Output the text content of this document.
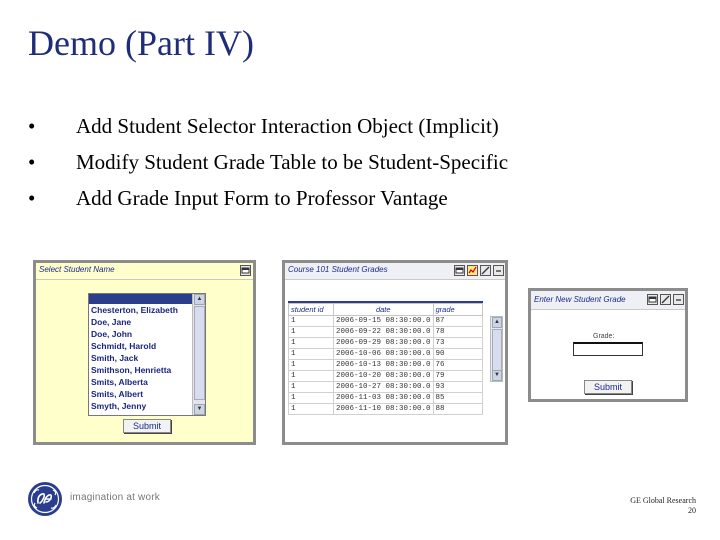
Demo (Part IV)
•	Add Student Selector Interaction Object (Implicit)
•	Modify Student Grade Table to be Student-Specific
•	Add Grade Input Form to Professor Vantage
Select Student Name
Chesterton, Elizabeth
Doe, Jane
Doe, John
Schmidt, Harold
Smith, Jack
Smithson, Henrietta
Smits, Alberta
Smits, Albert
Smyth, Jenny
▲
▼
Submit
Course 101 Student Grades
student id	date	grade
1	2006-09-15 08:30:00.0	87
1	2006-09-22 08:30:00.0	78
1	2006-09-29 08:30:00.0	73
1	2006-10-06 08:30:00.0	90
1	2006-10-13 08:30:00.0	76
1	2006-10-20 08:30:00.0	79
1	2006-10-27 08:30:00.0	93
1	2006-11-03 08:30:00.0	85
1	2006-11-10 08:30:00.0	88
▲
▼
Enter New Student Grade
Grade:
Submit
imagination at work	GE Global Research
20
